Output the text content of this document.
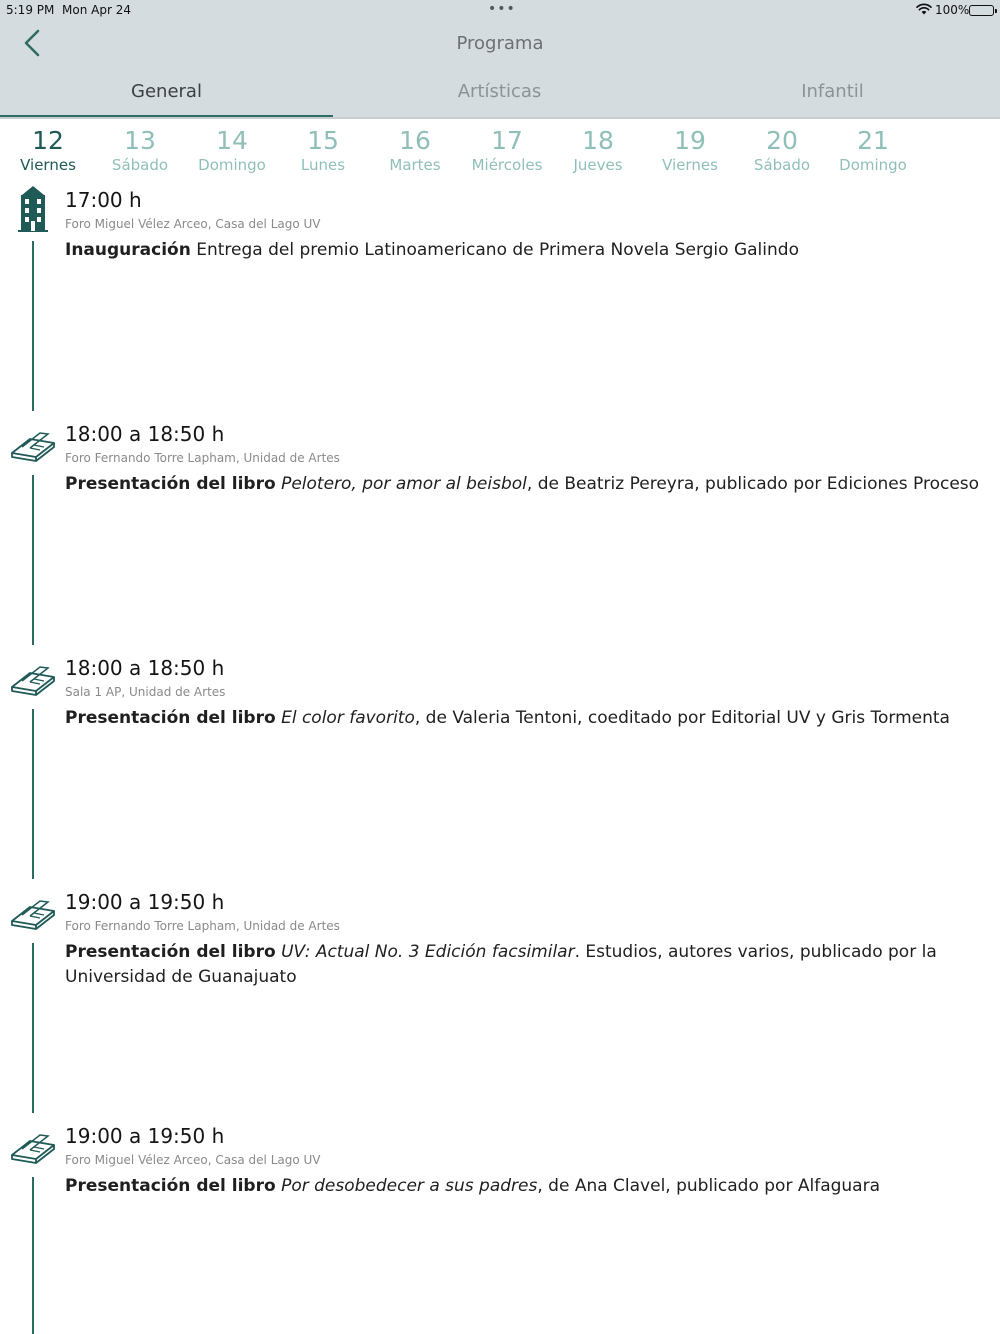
5:19 PM Mon Apr 24	•••	100%
Programa
General	Artísticas	Infantil
12
Viernes
13
Sábado
14
Domingo
15
Lunes
16
Martes
17
Miércoles
18
Jueves
19
Viernes
20
Sábado
21
Domingo
17:00 h
Foro Miguel Vélez Arceo, Casa del Lago UV
Inauguración Entrega del premio Latinoamericano de Primera Novela Sergio Galindo
18:00 a 18:50 h
Foro Fernando Torre Lapham, Unidad de Artes
Presentación del libro Pelotero, por amor al beisbol, de Beatriz Pereyra, publicado por Ediciones Proceso
18:00 a 18:50 h
Sala 1 AP, Unidad de Artes
Presentación del libro El color favorito, de Valeria Tentoni, coeditado por Editorial UV y Gris Tormenta
19:00 a 19:50 h
Foro Fernando Torre Lapham, Unidad de Artes
Presentación del libro UV: Actual No. 3 Edición facsimilar. Estudios, autores varios, publicado por la Universidad de Guanajuato
19:00 a 19:50 h
Foro Miguel Vélez Arceo, Casa del Lago UV
Presentación del libro Por desobedecer a sus padres, de Ana Clavel, publicado por Alfaguara
